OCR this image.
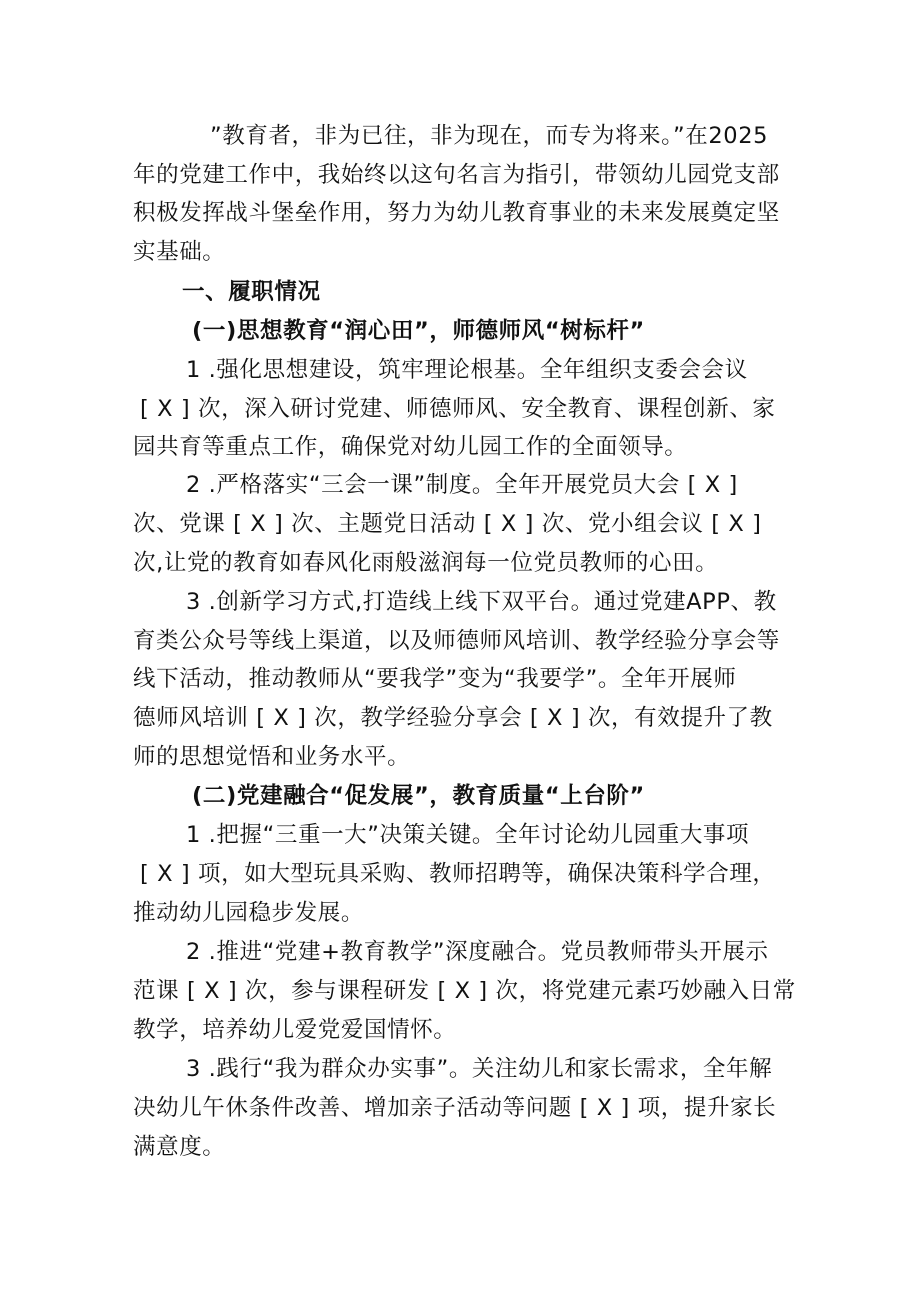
”教育者，非为已往，非为现在，而专为将来。”在2025
年的党建工作中，我始终以这句名言为指引，带领幼儿园党支部
积极发挥战斗堡垒作用，努力为幼儿教育事业的未来发展奠定坚
实基础。
一、履职情况
(一)思想教育“润心田”，师德师风“树标杆”
1 .强化思想建设，筑牢理论根基。全年组织支委会会议
[ X ] 次，深入研讨党建、师德师风、安全教育、课程创新、家
园共育等重点工作，确保党对幼儿园工作的全面领导。
2 .严格落实“三会一课”制度。全年开展党员大会 [ X ]
次、党课 [ X ] 次、主题党日活动 [ X ] 次、党小组会议 [ X ]
次,让党的教育如春风化雨般滋润每一位党员教师的心田。
3 .创新学习方式,打造线上线下双平台。通过党建APP、教
育类公众号等线上渠道，以及师德师风培训、教学经验分享会等
线下活动，推动教师从“要我学”变为“我要学”。全年开展师
德师风培训 [ X ] 次，教学经验分享会 [ X ] 次，有效提升了教
师的思想觉悟和业务水平。
(二)党建融合“促发展”，教育质量“上台阶”
1 .把握“三重一大”决策关键。全年讨论幼儿园重大事项
[ X ] 项，如大型玩具采购、教师招聘等，确保决策科学合理，
推动幼儿园稳步发展。
2 .推进“党建+教育教学”深度融合。党员教师带头开展示
范课 [ X ] 次，参与课程研发 [ X ] 次，将党建元素巧妙融入日常
教学，培养幼儿爱党爱国情怀。
3 .践行“我为群众办实事”。关注幼儿和家长需求，全年解
决幼儿午休条件改善、增加亲子活动等问题 [ X ] 项，提升家长
满意度。
